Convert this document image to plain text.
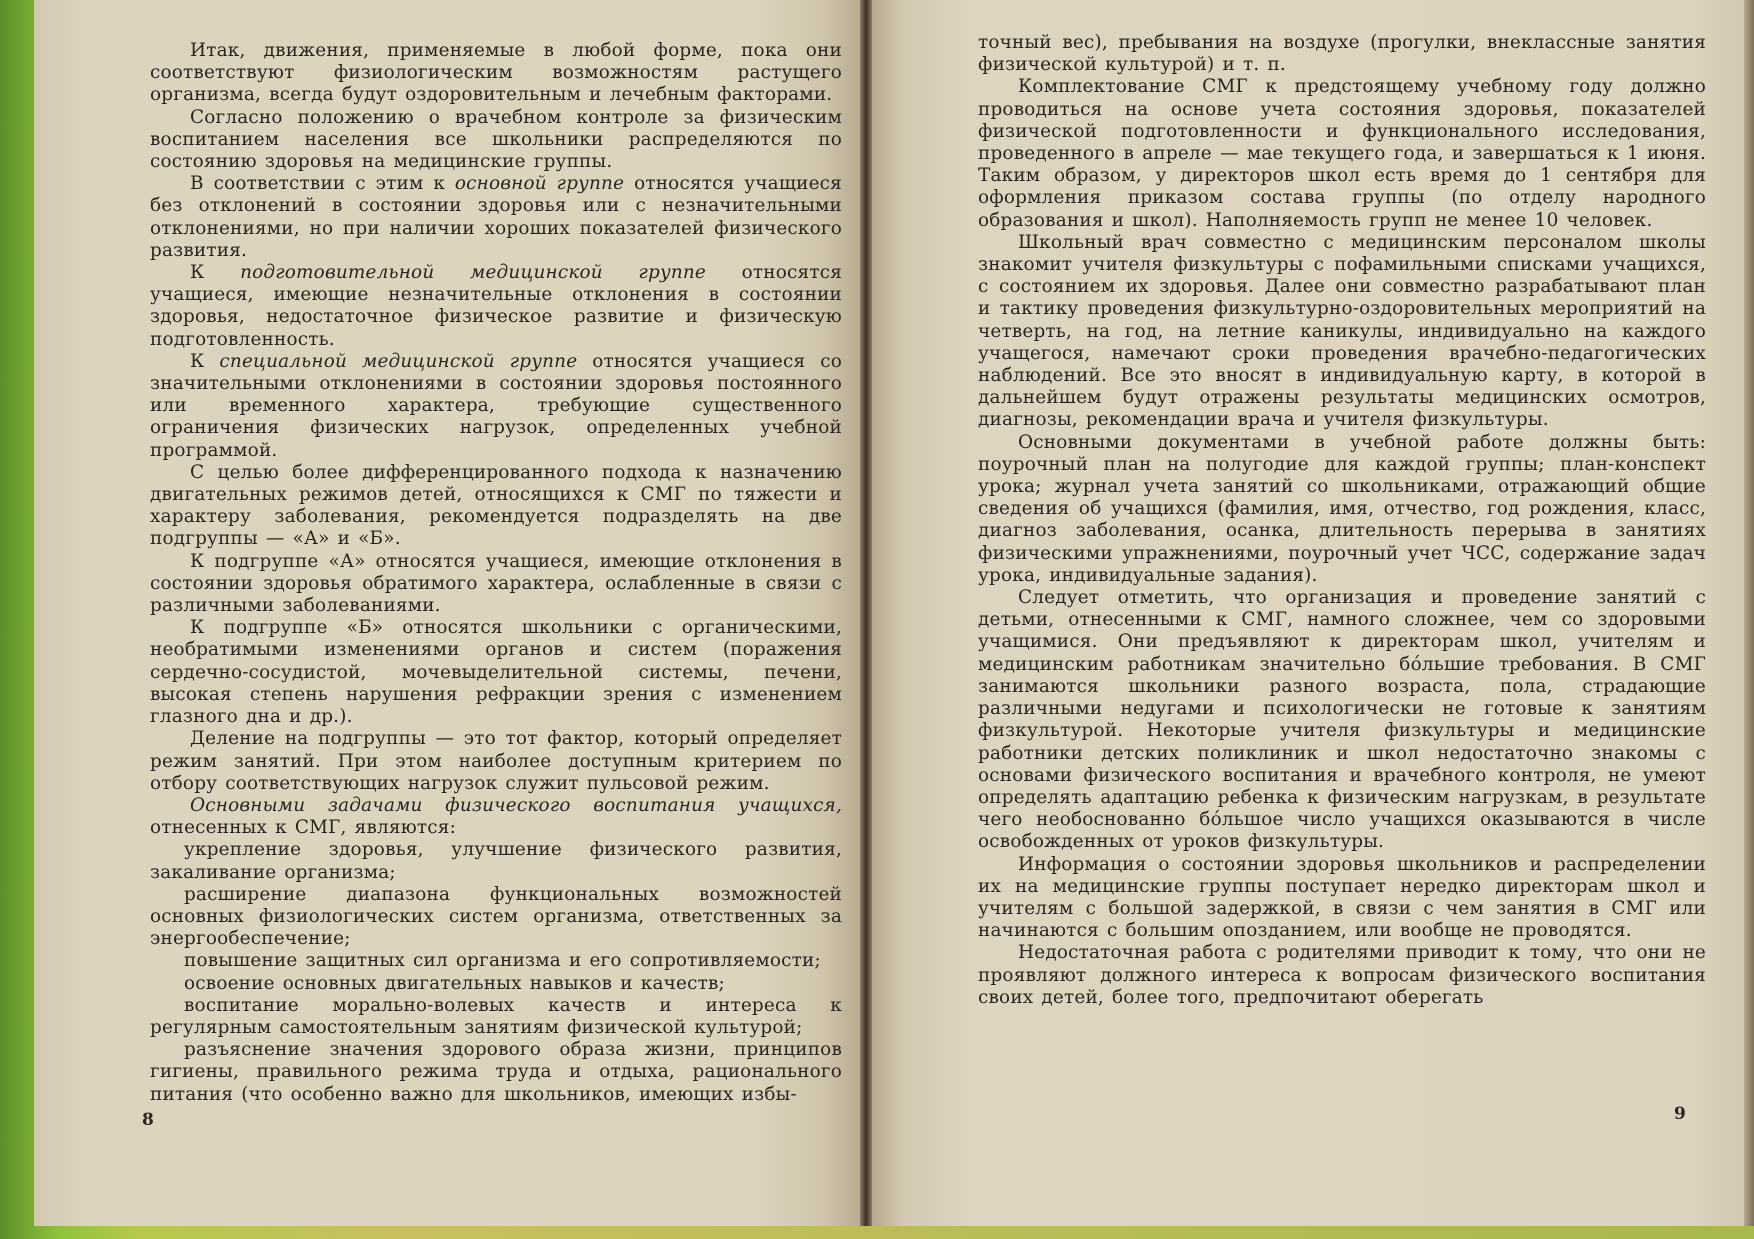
Итак, движения, применяемые в любой форме, пока они соответствуют физиологическим возможностям растущего организма, всегда будут оздоровительным и лечебным факторами.

Согласно положению о врачебном контроле за физическим воспитанием населения все школьники распределяются по состоянию здоровья на медицинские группы.

В соответствии с этим к основной группе относятся учащиеся без отклонений в состоянии здоровья или с незначительными отклонениями, но при наличии хороших показателей физического развития.

К подготовительной медицинской группе относятся учащиеся, имеющие незначительные отклонения в состоянии здоровья, недостаточное физическое развитие и физическую подготовленность.

К специальной медицинской группе относятся учащиеся со значительными отклонениями в состоянии здоровья постоянного или временного характера, требующие существенного ограничения физических нагрузок, определенных учебной программой.

С целью более дифференцированного подхода к назначению двигательных режимов детей, относящихся к СМГ по тяжести и характеру заболевания, рекомендуется подразделять на две подгруппы — «А» и «Б».

К подгруппе «А» относятся учащиеся, имеющие отклонения в состоянии здоровья обратимого характера, ослабленные в связи с различными заболеваниями.

К подгруппе «Б» относятся школьники с органическими, необратимыми изменениями органов и систем (поражения сердечно-сосудистой, мочевыделительной системы, печени, высокая степень нарушения рефракции зрения с изменением глазного дна и др.).

Деление на подгруппы — это тот фактор, который определяет режим занятий. При этом наиболее доступным критерием по отбору соответствующих нагрузок служит пульсовой режим.

Основными задачами физического воспитания учащихся, отнесенных к СМГ, являются:

укрепление здоровья, улучшение физического развития, закаливание организма;

расширение диапазона функциональных возможностей основных физиологических систем организма, ответственных за энергообеспечение;

повышение защитных сил организма и его сопротивляемости;

освоение основных двигательных навыков и качеств;

воспитание морально-волевых качеств и интереса к регулярным самостоятельным занятиям физической культурой;

разъяснение значения здорового образа жизни, принципов гигиены, правильного режима труда и отдыха, рационального питания (что особенно важно для школьников, имеющих избы-

8

точный вес), пребывания на воздухе (прогулки, внеклассные занятия физической культурой) и т. п.

Комплектование СМГ к предстоящему учебному году должно проводиться на основе учета состояния здоровья, показателей физической подготовленности и функционального исследования, проведенного в апреле — мае текущего года, и завершаться к 1 июня. Таким образом, у директоров школ есть время до 1 сентября для оформления приказом состава группы (по отделу народного образования и школ). Наполняемость групп не менее 10 человек.

Школьный врач совместно с медицинским персоналом школы знакомит учителя физкультуры с пофамильными списками учащихся, с состоянием их здоровья. Далее они совместно разрабатывают план и тактику проведения физкультурно-оздоровительных мероприятий на четверть, на год, на летние каникулы, индивидуально на каждого учащегося, намечают сроки проведения врачебно-педагогических наблюдений. Все это вносят в индивидуальную карту, в которой в дальнейшем будут отражены результаты медицинских осмотров, диагнозы, рекомендации врача и учителя физкультуры.

Основными документами в учебной работе должны быть: поурочный план на полугодие для каждой группы; план-конспект урока; журнал учета занятий со школьниками, отражающий общие сведения об учащихся (фамилия, имя, отчество, год рождения, класс, диагноз заболевания, осанка, длительность перерыва в занятиях физическими упражнениями, поурочный учет ЧСС, содержание задач урока, индивидуальные задания).

Следует отметить, что организация и проведение занятий с детьми, отнесенными к СМГ, намного сложнее, чем со здоровыми учащимися. Они предъявляют к директорам школ, учителям и медицинским работникам значительно бо́льшие требования. В СМГ занимаются школьники разного возраста, пола, страдающие различными недугами и психологически не готовые к занятиям физкультурой. Некоторые учителя физкультуры и медицинские работники детских поликлиник и школ недостаточно знакомы с основами физического воспитания и врачебного контроля, не умеют определять адаптацию ребенка к физическим нагрузкам, в результате чего необоснованно бо́льшое число учащихся оказываются в числе освобожденных от уроков физкультуры.

Информация о состоянии здоровья школьников и распределении их на медицинские группы поступает нередко директорам школ и учителям с большой задержкой, в связи с чем занятия в СМГ или начинаются с большим опозданием, или вообще не проводятся.

Недостаточная работа с родителями приводит к тому, что они не проявляют должного интереса к вопросам физического воспитания своих детей, более того, предпочитают оберегать

9
